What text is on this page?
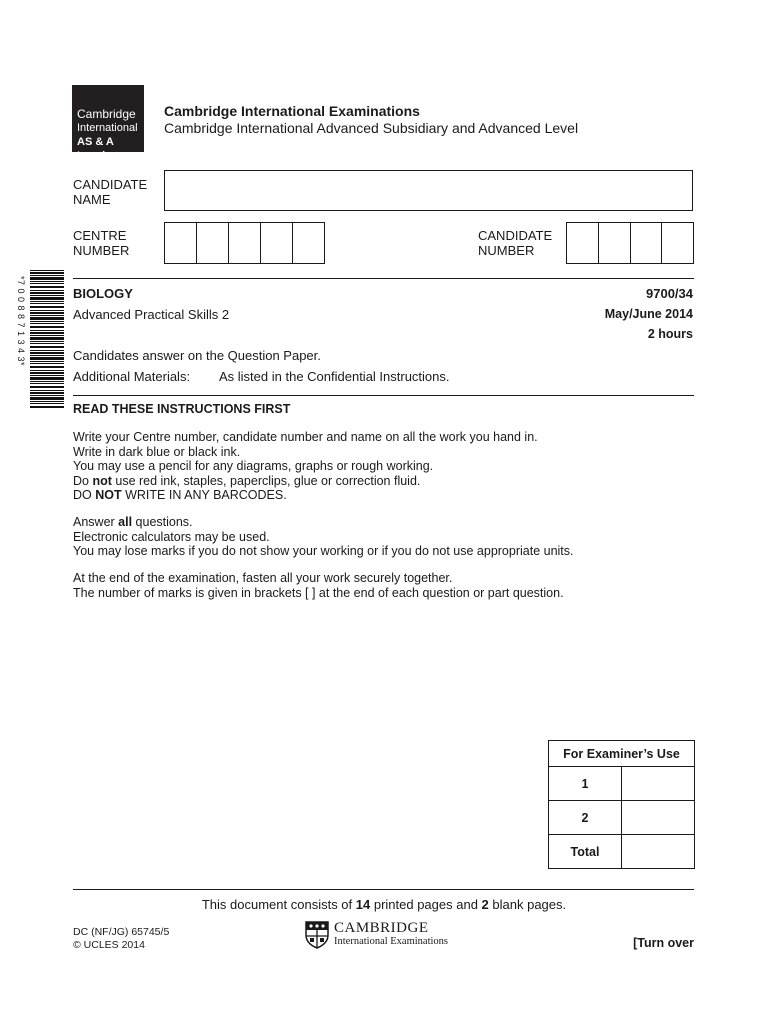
*7 0 0 8 8 7 1 3 4 3*
Cambridge
International
AS & A Level
Cambridge International Examinations
Cambridge International Advanced Subsidiary and Advanced Level
CANDIDATE
NAME
CENTRE
NUMBER
CANDIDATE
NUMBER
BIOLOGY	9700/34
Advanced Practical Skills 2	May/June 2014
2 hours
Candidates answer on the Question Paper.
Additional Materials: As listed in the Confidential Instructions.
READ THESE INSTRUCTIONS FIRST

Write your Centre number, candidate number and name on all the work you hand in.

Write in dark blue or black ink.

You may use a pencil for any diagrams, graphs or rough working.

Do not use red ink, staples, paperclips, glue or correction fluid.

DO NOT WRITE IN ANY BARCODES.

Answer all questions.

Electronic calculators may be used.

You may lose marks if you do not show your working or if you do not use appropriate units.

At the end of the examination, fasten all your work securely together.

The number of marks is given in brackets [ ] at the end of each question or part question.

For Examiner’s Use	
1	
2	
Total	
This document consists of 14 printed pages and 2 blank pages.
DC (NF/JG) 65745/5
© UCLES 2014
CAMBRIDGE
International Examinations	[Turn over
